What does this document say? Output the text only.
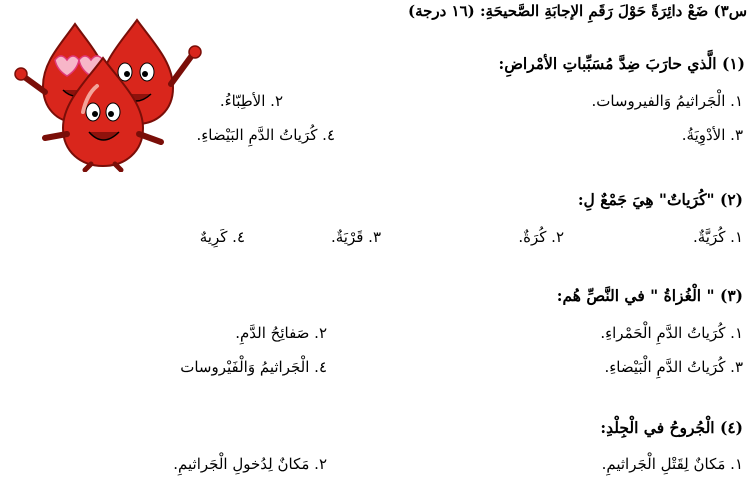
س٣) ضَعْ دائِرَةً حَوْلَ رَقَمِ الإجابَةِ الصَّحيحَةِ: (١٦ درجة)
(١) الَّذي حارَبَ ضِدَّ مُسَبِّباتِ الأمْراضِ:
١. الْجَراثيمُ وَالفيروسات.
٢. الأطِبّاءُ.
٣. الأدْوِيَةُ.
٤. كُرَياتُ الدَّمِ البَيْضاءِ.
(٢) "كُرَياتٌ" هِيَ جَمْعٌ لِ:
١. كُرَيَّةٌ.
٢. كُرَةٌ.
٣. قَرْيَةٌ.
٤. كَرِيهٌ
(٣) " الْغُزاةُ " في النَّصِّ هُم:
١. كُرَياتُ الدَّمِ الْحَمْراءِ.
٢. صَفائِحُ الدَّمِ.
٣. كُرَياتُ الدَّمِ الْبَيْضاءِ.
٤. الْجَراثيمُ وَالْفَيْروسات
(٤) الْجُروحُ في الْجِلْدِ:
١. مَكانٌ لِقَتْلِ الْجَراثيمِ.
٢. مَكانٌ لِدُخولِ الْجَراثيمِ.
